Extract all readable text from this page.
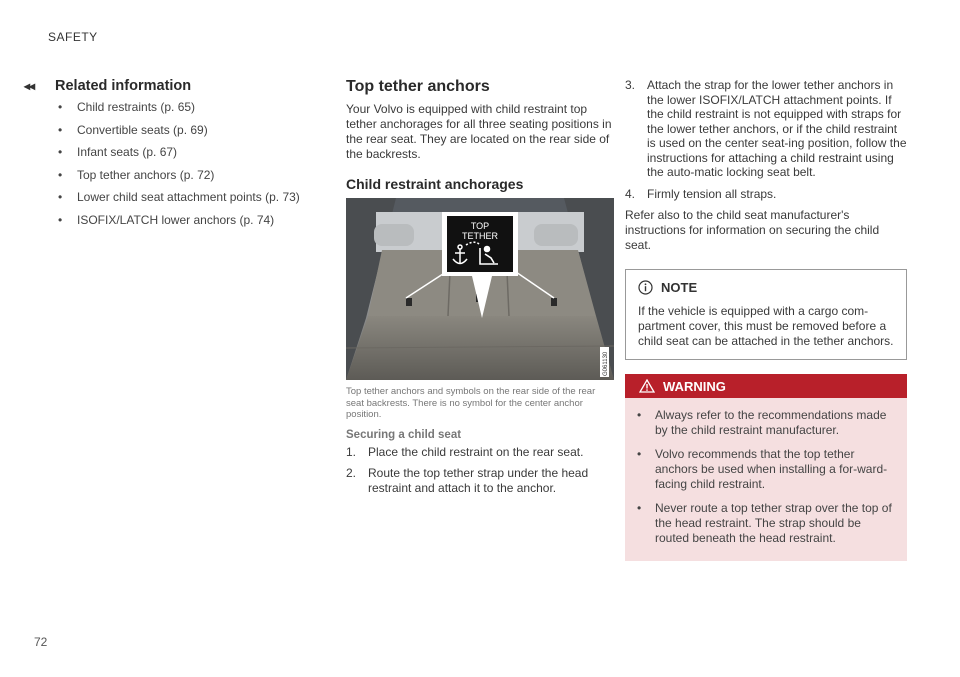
SAFETY
◂◂
72
Related information
• Child restraints (p. 65)
• Convertible seats (p. 69)
• Infant seats (p. 67)
• Top tether anchors (p. 72)
• Lower child seat attachment points (p. 73)
• ISOFIX/LATCH lower anchors (p. 74)
Top tether anchors

Your Volvo is equipped with child restraint top tether anchorages for all three seating positions in the rear seat. They are located on the rear side of the backrests.

Child restraint anchorages
TOP
TETHER
G061130

Top tether anchors and symbols on the rear side of the rear seat backrests. There is no symbol for the center anchor position.

Securing a child seat
1. Place the child restraint on the rear seat.
2. Route the top tether strap under the head restraint and attach it to the anchor.
3. Attach the strap for the lower tether anchors in the lower ISOFIX/LATCH attachment points. If the child restraint is not equipped with straps for the lower tether anchors, or if the child restraint is used on the center seat-ing position, follow the instructions for attaching a child restraint using the auto-matic locking seat belt.
4. Firmly tension all straps.

Refer also to the child seat manufacturer's instructions for information on securing the child seat.

NOTE
If the vehicle is equipped with a cargo com-partment cover, this must be removed before a child seat can be attached in the tether anchors.
WARNING
• Always refer to the recommendations made by the child restraint manufacturer.
• Volvo recommends that the top tether anchors be used when installing a for-ward-facing child restraint.
• Never route a top tether strap over the top of the head restraint. The strap should be routed beneath the head restraint.
